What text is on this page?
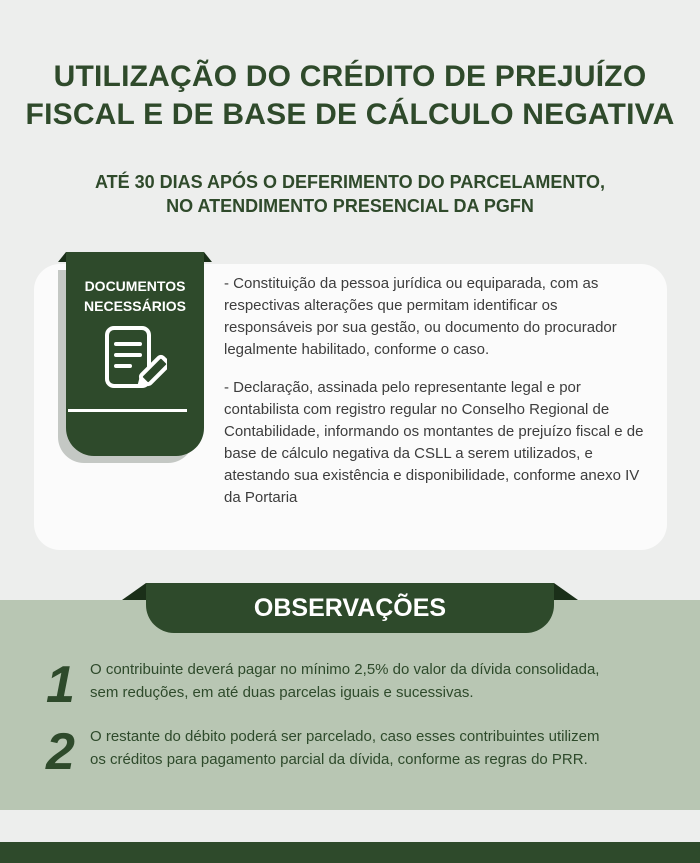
UTILIZAÇÃO DO CRÉDITO DE PREJUÍZO
FISCAL E DE BASE DE CÁLCULO NEGATIVA
ATÉ 30 DIAS APÓS O DEFERIMENTO DO PARCELAMENTO,
NO ATENDIMENTO PRESENCIAL DA PGFN

- Constituição da pessoa jurídica ou equiparada, com as respectivas alterações que permitam identificar os responsáveis por sua gestão, ou documento do procurador legalmente habilitado, conforme o caso.

- Declaração, assinada pelo representante legal e por contabilista com registro regular no Conselho Regional de Contabilidade, informando os montantes de prejuízo fiscal e de base de cálculo negativa da CSLL a serem utilizados, e atestando sua existência e disponibilidade, conforme anexo IV da Portaria

DOCUMENTOS
NECESSÁRIOS
OBSERVAÇÕES
1	O contribuinte deverá pagar no mínimo 2,5% do valor da dívida consolidada,
sem reduções, em até duas parcelas iguais e sucessivas.
2	O restante do débito poderá ser parcelado, caso esses contribuintes utilizem
os créditos para pagamento parcial da dívida, conforme as regras do PRR.
